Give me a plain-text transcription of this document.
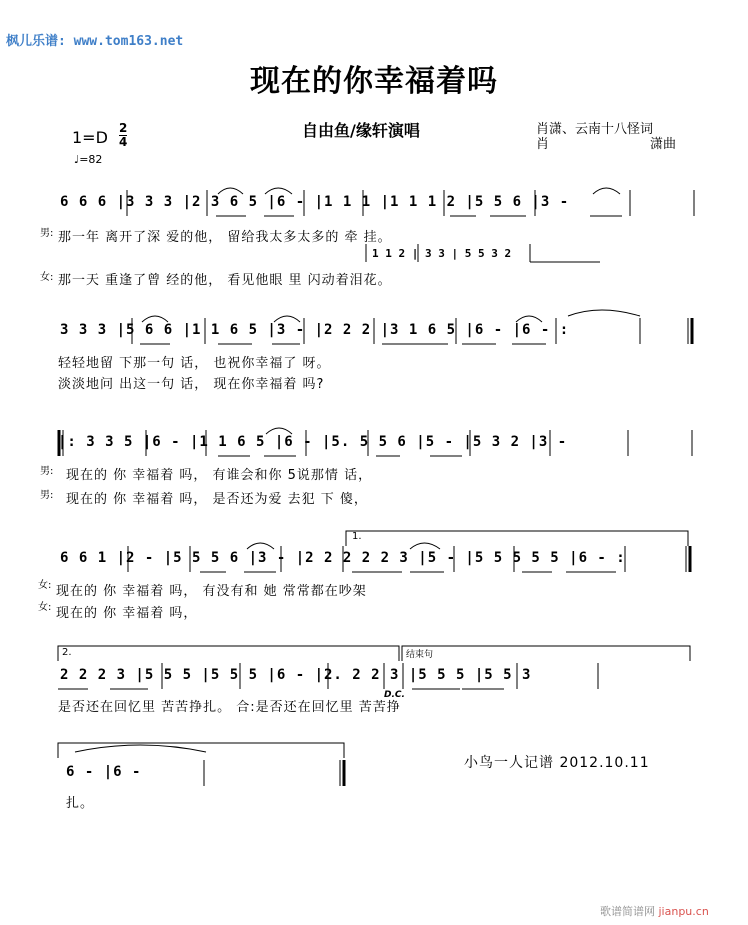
枫儿乐谱: www.tom163.net
现在的你幸福着吗
自由鱼/缘轩演唱	肖潇、云南十八怪词
肖	潇曲
1=D 2
4
♩=82
6 6 6 |3 3 3 |2 3 6 5 |6 - |1 1 1 |1 1 1 2 |5 5 6 |3 -
男: 那一年 离开了深 爱的他， 留给我太多太多的 牵 挂。
1 1 2 | 3 3 | 5 5 3 2
女: 那一天 重逢了曾 经的他， 看见他眼 里 闪动着泪花。
3 3 3 |5 6 6 |1 1 6 5 |3 - |2 2 2 |3 1 6 5 |6 - |6 - :
轻轻地留 下那一句 话， 也祝你幸福了 呀。
淡淡地问 出这一句 话， 现在你幸福着 吗?
|: 3 3 5 |6 - |1 1 6 5 |6 - |5. 5 5 6 |5 - |5 3 2 |3 -
男: 现在的 你 幸福着 吗， 有谁会和你 5说那情 话，
男: 现在的 你 幸福着 吗， 是否还为爱 去犯 下 傻，
1.
6 6 1 |2 - |5 5 5 6 |3 - |2 2 2 2 2 3 |5 - |5 5 5 5 5 |6 - :
女: 现在的 你 幸福着 吗， 有没有和 她 常常都在吵架
女: 现在的 你 幸福着 吗，
2.	结束句
2 2 2 3 |5 5 5 |5 5 5 |6 - |2. 2 2 3 |5 5 5 |5 5 3
D.C.
是否还在回忆里 苦苦挣扎。 合:是否还在回忆里 苦苦挣
6 - |6 -
扎。
小鸟一人记谱 2012.10.11
歌谱简谱网 jianpu.cn
